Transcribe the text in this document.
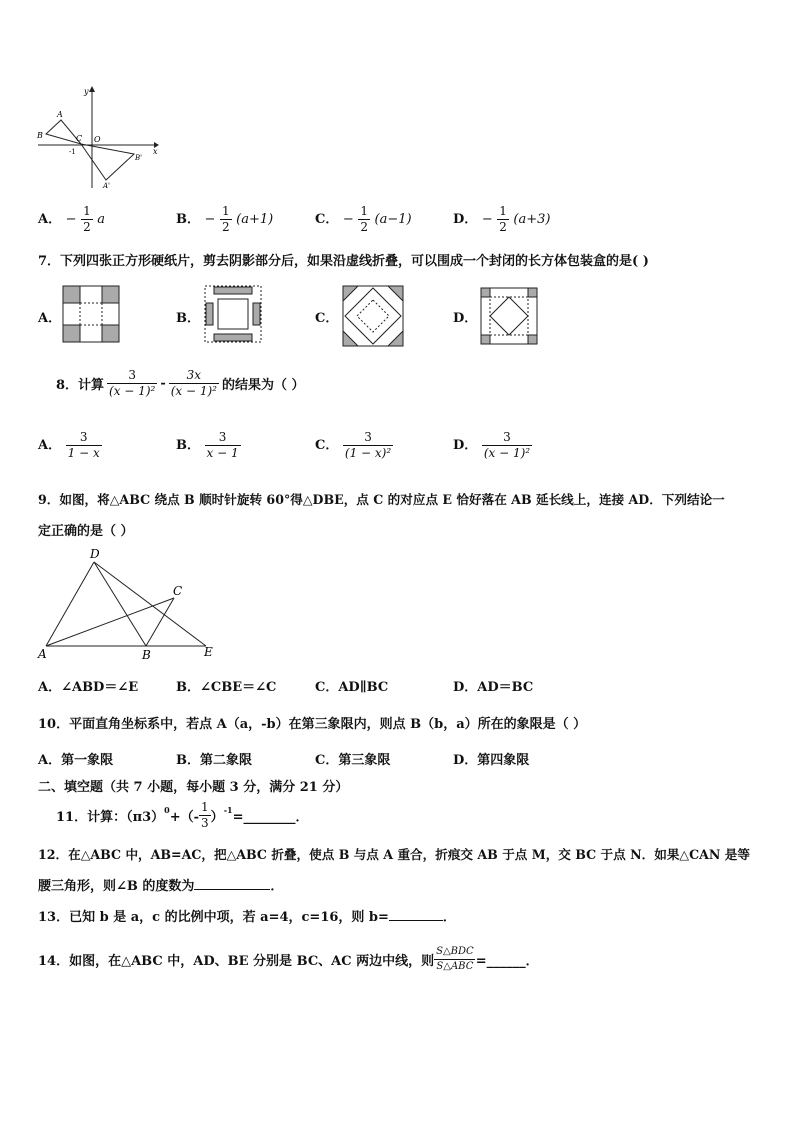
y
A
B	C O
-1	x
B'
A'
A． − $\frac{1}{2}$ a	B． − $\frac{1}{2} (a+1)$	C． − $\frac{1}{2} (a-1)$	D． − $\frac{1}{2} (a+3)$
7．下列四张正方形硬纸片，剪去阴影部分后，如果沿虚线折叠，可以围成一个封闭的长方体包装盒的是( )
A．	B．	C．	D．
8．计算 $\frac{3}{\text{(x − 1)²}} - \frac{3x}{\text{(x − 1)²}}$ 的结果为（ ）
A． $\frac{3}{1 - x}$	B． $\frac{3}{x - 1}$	C． $\frac{3}{\text{(1 − x)²}}$	D． $\frac{3}{\text{(x − 1)²}}$
9．如图，将△ABC 绕点 B 顺时针旋转 60°得△DBE，点 C 的对应点 E 恰好落在 AB 延长线上，连接 AD．下列结论一
定正确的是（ ）
D
C
A	B	E
A．∠ABD＝∠E	B．∠CBE＝∠C	C．AD∥BC	D．AD＝BC
10．平面直角坐标系中，若点 A（a，-b）在第三象限内，则点 B（b，a）所在的象限是（ ）
A．第一象限	B．第二象限	C．第三象限	D．第四象限
二、填空题（共 7 小题，每小题 3 分，满分 21 分）
11．计算：（π3）
0
+（- $\frac{1}{3}$ ）
-1
=________．
12．在△ABC 中，AB=AC，把△ABC 折叠，使点 B 与点 A 重合，折痕交 AB 于点 M，交 BC 于点 N．如果△CAN 是等
腰三角形，则∠B 的度数为	．
13．已知 b 是 a，c 的比例中项，若 a=4，c=16，则 b=	．
14．如图，在△ABC 中，AD、BE 分别是 BC、AC 两边中线，则 $\frac{\text{S△BDC}}{\text{S△ABC}}$ =______．
